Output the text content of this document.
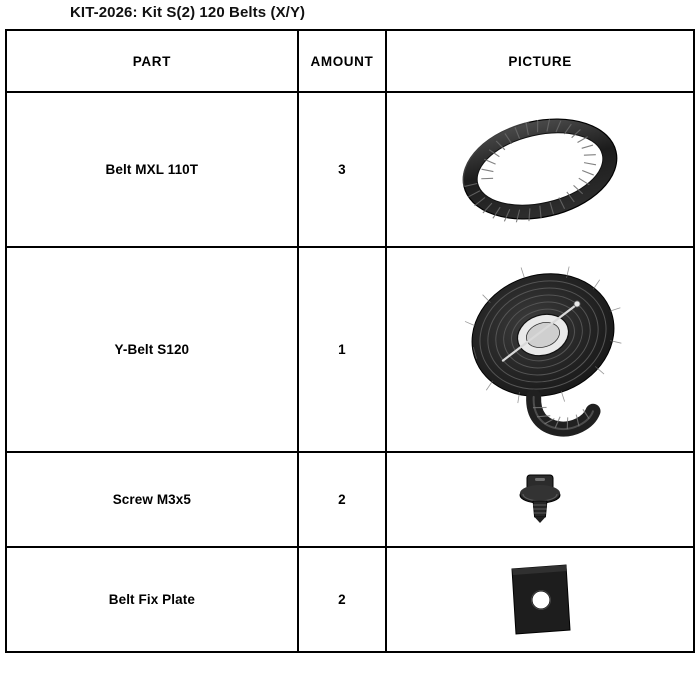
KIT-2026: Kit S(2) 120 Belts (X/Y)
PART	AMOUNT	PICTURE
Belt MXL 110T	3	

Y-Belt S120	1	

Screw M3x5	2	

Belt Fix Plate	2	
